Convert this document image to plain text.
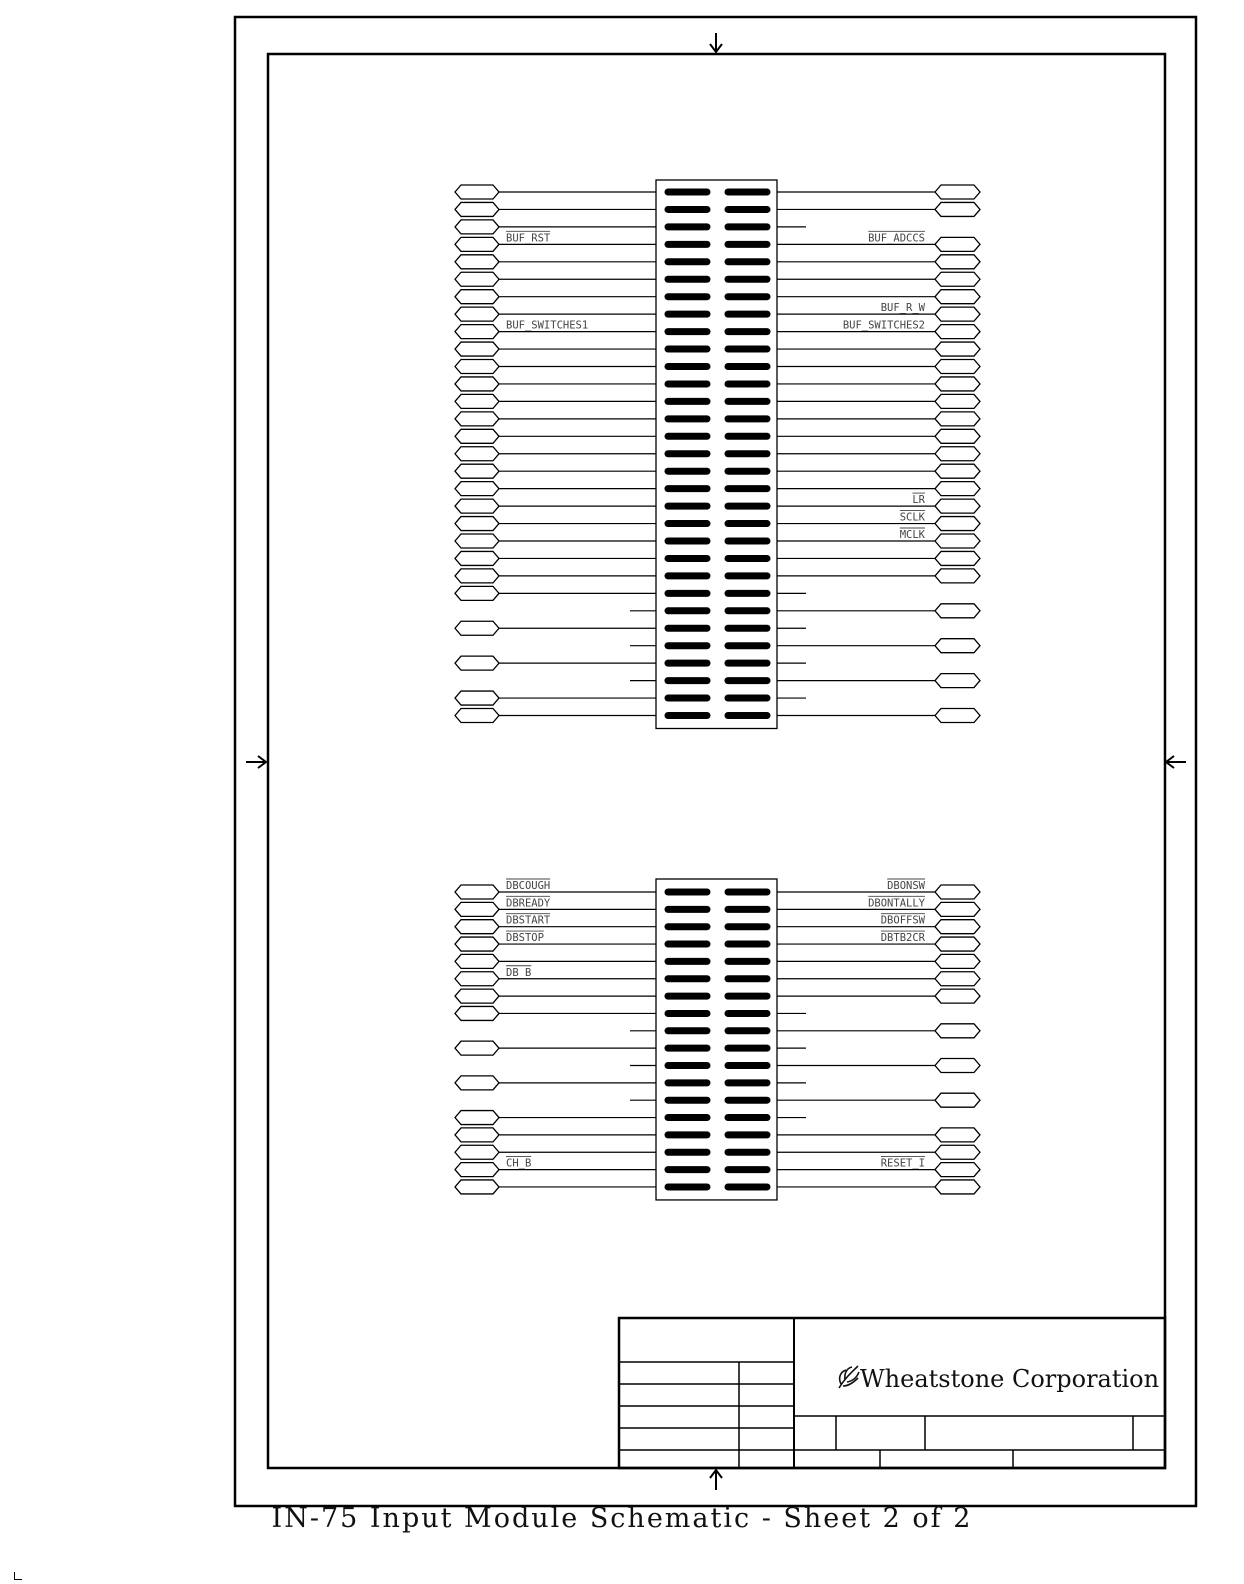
BUF_RST
BUF_SWITCHES1
BUF_ADCCS
BUF_R_W
BUF_SWITCHES2
LR
SCLK
MCLK
DBCOUGH
DBREADY
DBSTART
DBSTOP
DB_B
CH_B
DBONSW
DBONTALLY
DBOFFSW
DBTB2CR
RESET_I
Wheatstone Corporation
IN-75 Input Module Schematic - Sheet 2 of 2
